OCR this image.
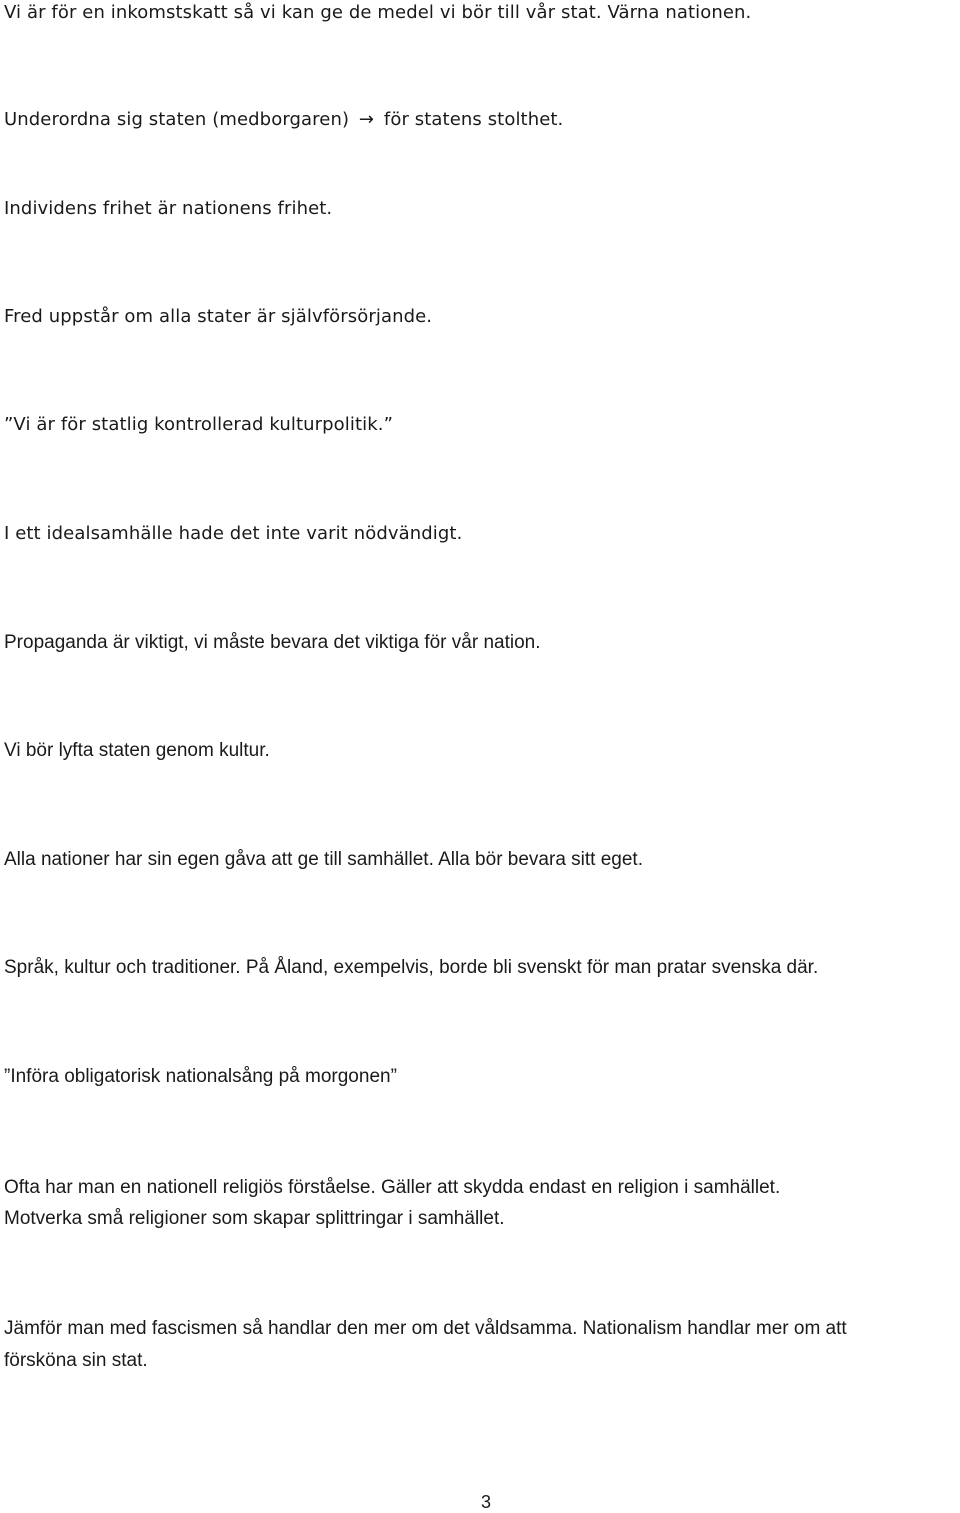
Vi är för en inkomstskatt så vi kan ge de medel vi bör till vår stat. Värna nationen.
Underordna sig staten (medborgaren) → för statens stolthet.
Individens frihet är nationens frihet.
Fred uppstår om alla stater är självförsörjande.
”Vi är för statlig kontrollerad kulturpolitik.”
I ett idealsamhälle hade det inte varit nödvändigt.
Propaganda är viktigt, vi måste bevara det viktiga för vår nation.
Vi bör lyfta staten genom kultur.
Alla nationer har sin egen gåva att ge till samhället. Alla bör bevara sitt eget.
Språk, kultur och traditioner. På Åland, exempelvis, borde bli svenskt för man pratar svenska där.
”Införa obligatorisk nationalsång på morgonen”
Ofta har man en nationell religiös förståelse. Gäller att skydda endast en religion i samhället.
Motverka små religioner som skapar splittringar i samhället.
Jämför man med fascismen så handlar den mer om det våldsamma. Nationalism handlar mer om att
försköna sin stat.
3
